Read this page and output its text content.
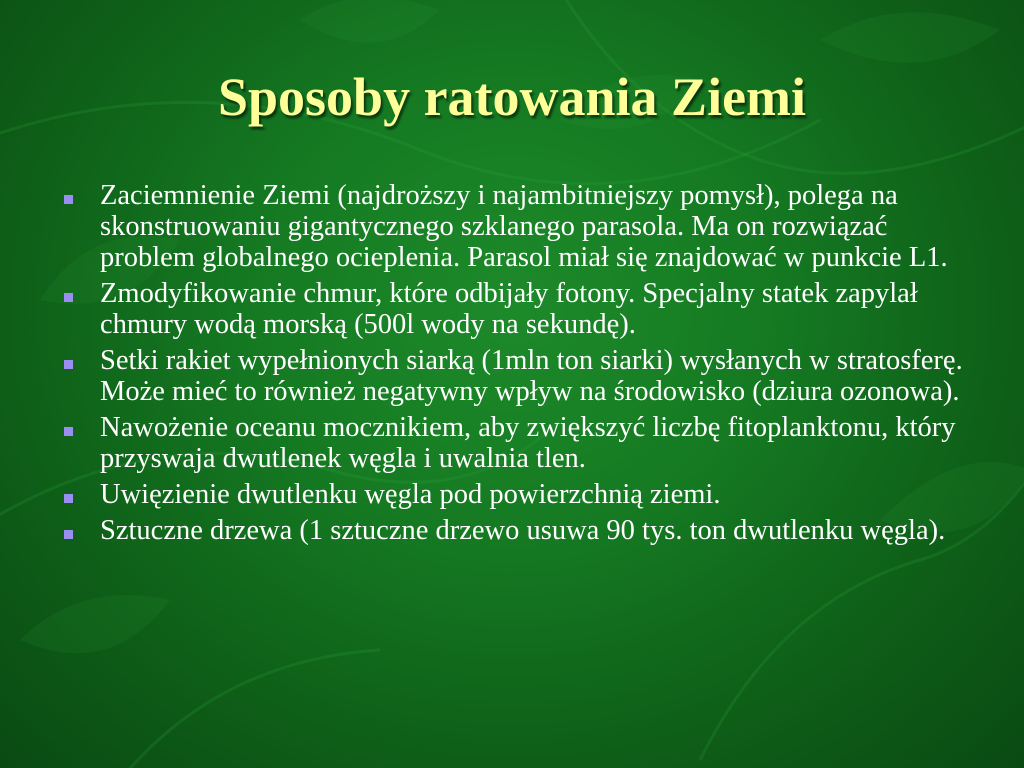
Sposoby ratowania Ziemi
Zaciemnienie Ziemi (najdroższy i najambitniejszy pomysł), polega na skonstruowaniu gigantycznego szklanego parasola. Ma on rozwiązać problem globalnego ocieplenia. Parasol miał się znajdować w punkcie L1.
Zmodyfikowanie chmur, które odbijały fotony. Specjalny statek zapylał chmury wodą morską (500l wody na sekundę).
Setki rakiet wypełnionych siarką (1mln ton siarki) wysłanych w stratosferę. Może mieć to również negatywny wpływ na środowisko (dziura ozonowa).
Nawożenie oceanu mocznikiem, aby zwiększyć liczbę fitoplanktonu, który przyswaja dwutlenek węgla i uwalnia tlen.
Uwięzienie dwutlenku węgla pod powierzchnią ziemi.
Sztuczne drzewa (1 sztuczne drzewo usuwa 90 tys. ton dwutlenku węgla).
